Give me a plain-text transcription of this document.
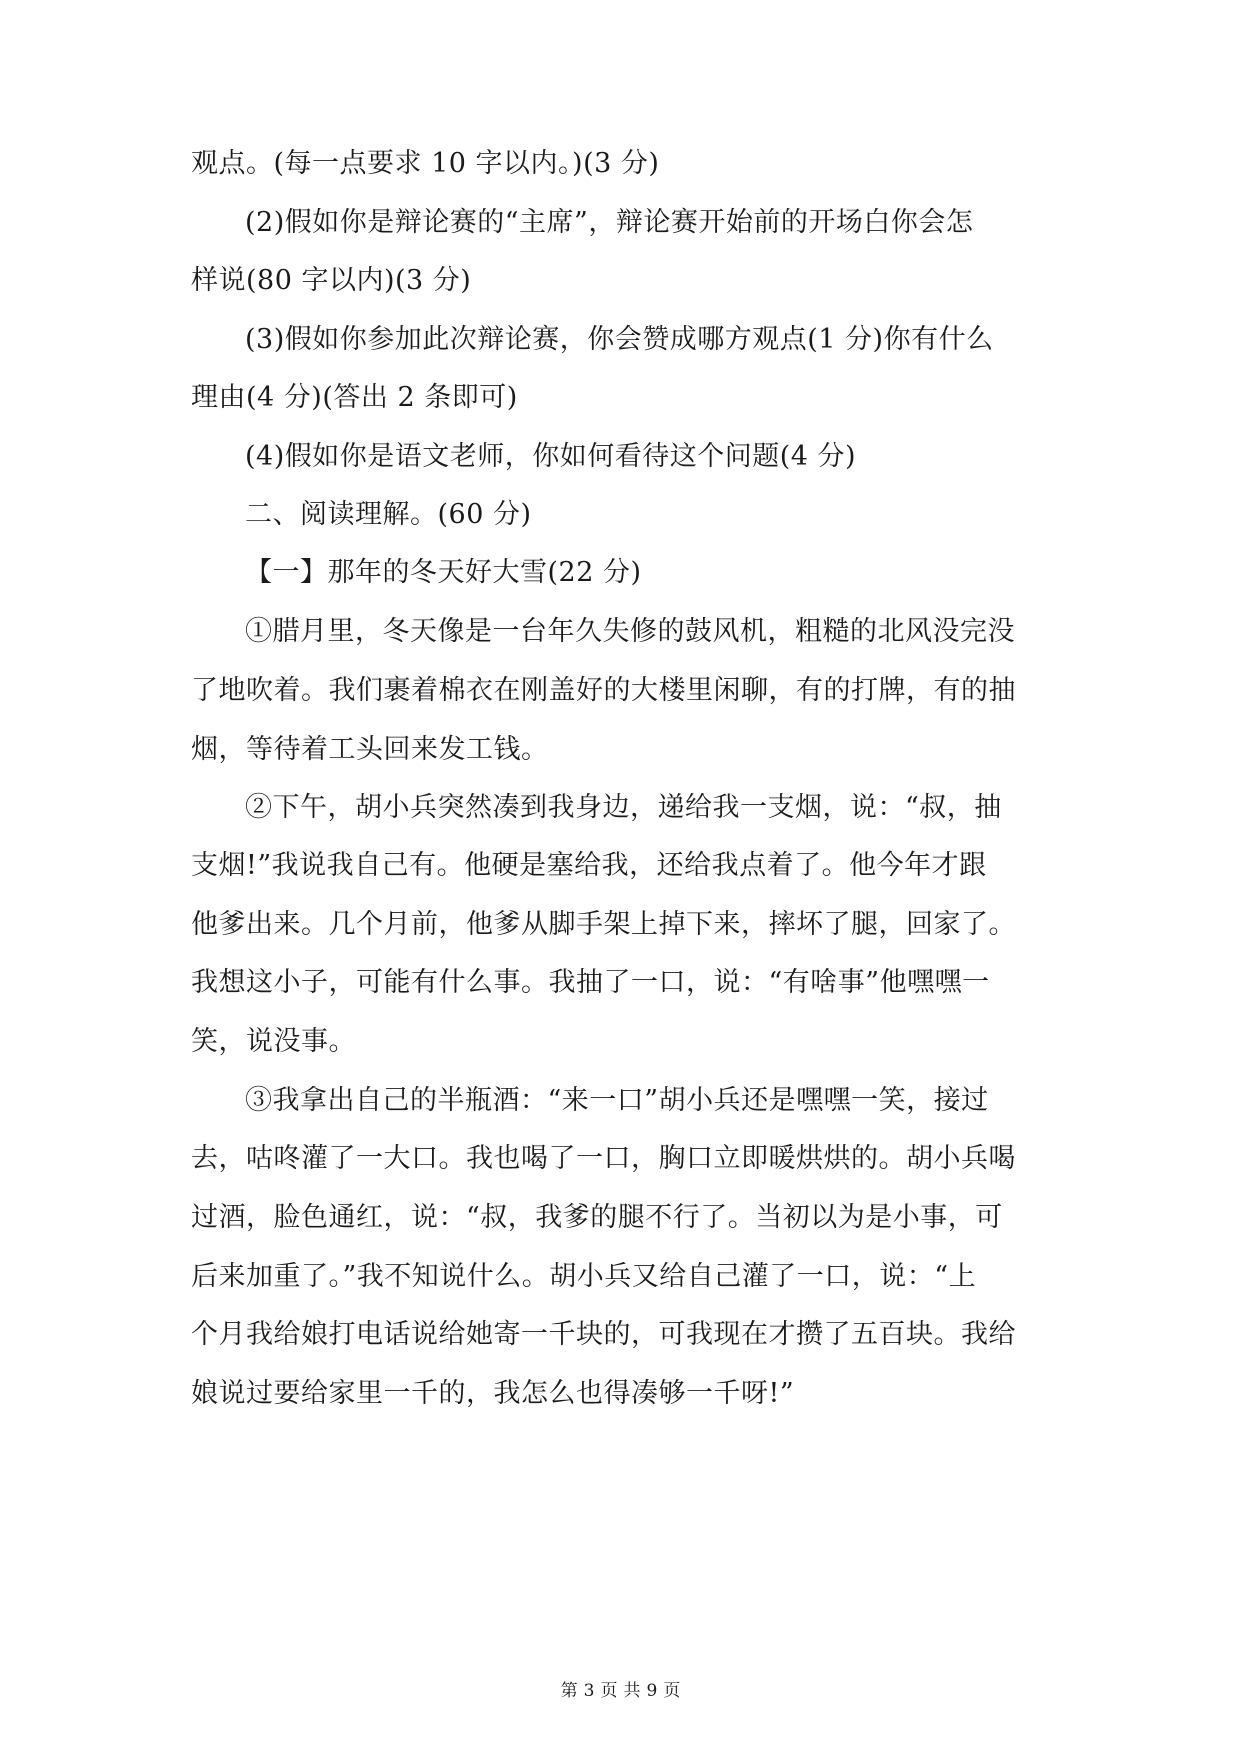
观点。(每一点要求 10 字以内。)(3 分)
(2)假如你是辩论赛的“主席”，辩论赛开始前的开场白你会怎
样说(80 字以内)(3 分)
(3)假如你参加此次辩论赛，你会赞成哪方观点(1 分)你有什么
理由(4 分)(答出 2 条即可)
(4)假如你是语文老师，你如何看待这个问题(4 分)
二、阅读理解。(60 分)
【一】那年的冬天好大雪(22 分)
①腊月里，冬天像是一台年久失修的鼓风机，粗糙的北风没完没
了地吹着。我们裹着棉衣在刚盖好的大楼里闲聊，有的打牌，有的抽
烟，等待着工头回来发工钱。
②下午，胡小兵突然凑到我身边，递给我一支烟，说：“叔，抽
支烟!”我说我自己有。他硬是塞给我，还给我点着了。他今年才跟
他爹出来。几个月前，他爹从脚手架上掉下来，摔坏了腿，回家了。
我想这小子，可能有什么事。我抽了一口，说：“有啥事”他嘿嘿一
笑，说没事。
③我拿出自己的半瓶酒：“来一口”胡小兵还是嘿嘿一笑，接过
去，咕咚灌了一大口。我也喝了一口，胸口立即暖烘烘的。胡小兵喝
过酒，脸色通红，说：“叔，我爹的腿不行了。当初以为是小事，可
后来加重了。”我不知说什么。胡小兵又给自己灌了一口，说：“上
个月我给娘打电话说给她寄一千块的，可我现在才攒了五百块。我给
娘说过要给家里一千的，我怎么也得凑够一千呀!”
第 3 页 共 9 页
